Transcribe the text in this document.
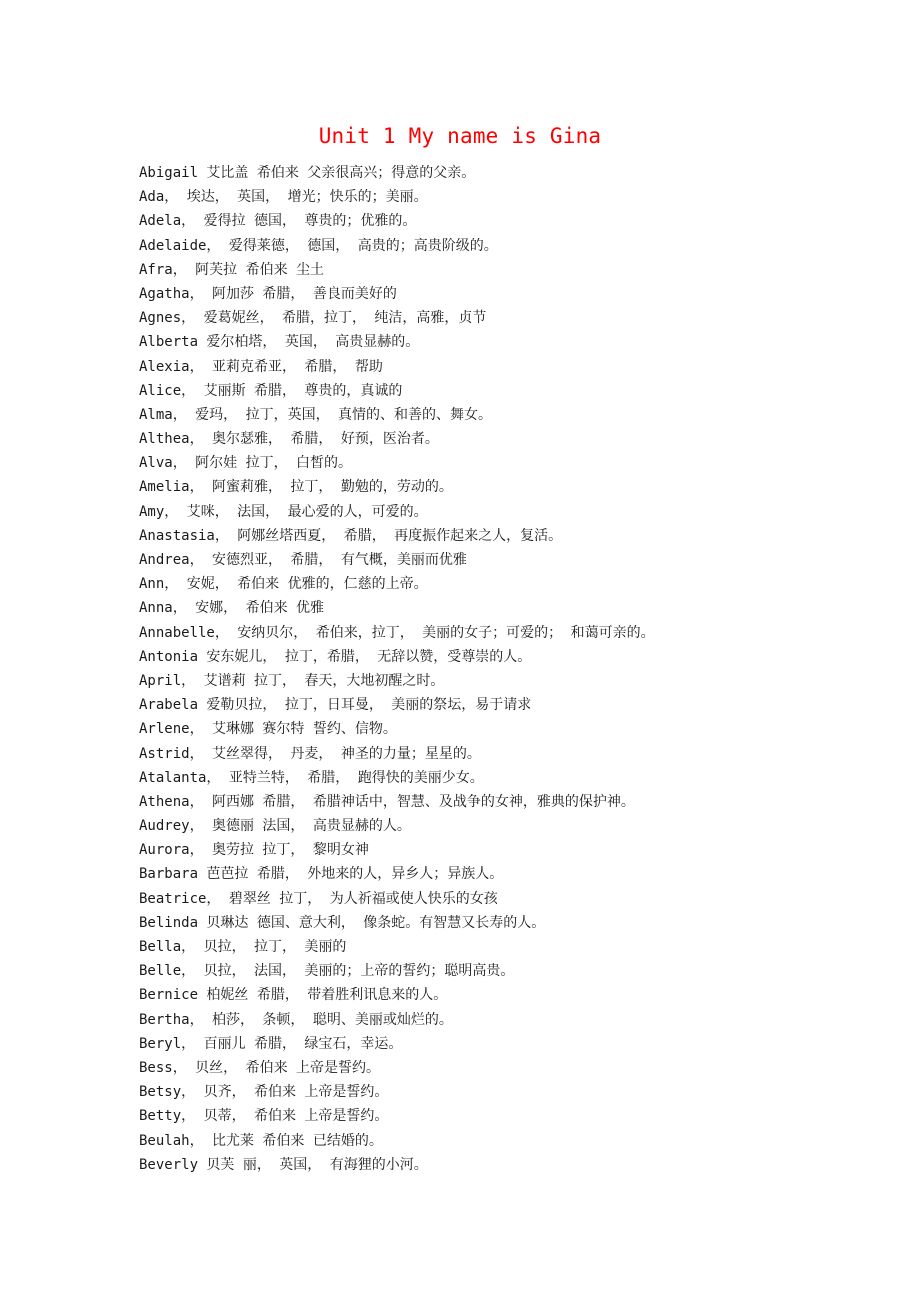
Unit 1 My name is Gina
Abigail 艾比盖 希伯来 父亲很高兴；得意的父亲。
Ada， 埃达， 英国， 增光；快乐的；美丽。
Adela， 爱得拉 德国， 尊贵的；优雅的。
Adelaide， 爱得莱德， 德国， 高贵的；高贵阶级的。
Afra， 阿芙拉 希伯来 尘土
Agatha， 阿加莎 希腊， 善良而美好的
Agnes， 爱葛妮丝， 希腊，拉丁， 纯洁，高雅，贞节
Alberta 爱尔柏塔， 英国， 高贵显赫的。
Alexia， 亚莉克希亚， 希腊， 帮助
Alice， 艾丽斯 希腊， 尊贵的，真诚的
Alma， 爱玛， 拉丁，英国， 真情的、和善的、舞女。
Althea， 奥尔瑟雅， 希腊， 好预，医治者。
Alva， 阿尔娃 拉丁， 白皙的。
Amelia， 阿蜜莉雅， 拉丁， 勤勉的，劳动的。
Amy， 艾咪， 法国， 最心爱的人，可爱的。
Anastasia， 阿娜丝塔西夏， 希腊， 再度振作起来之人，复活。
Andrea， 安德烈亚， 希腊， 有气概，美丽而优雅
Ann， 安妮， 希伯来 优雅的，仁慈的上帝。
Anna， 安娜， 希伯来 优雅
Annabelle， 安纳贝尔， 希伯来，拉丁， 美丽的女子；可爱的； 和蔼可亲的。
Antonia 安东妮儿， 拉丁，希腊， 无辞以赞，受尊崇的人。
April， 艾谱莉 拉丁， 春天，大地初醒之时。
Arabela 爱勒贝拉， 拉丁，日耳曼， 美丽的祭坛，易于请求
Arlene， 艾琳娜 赛尔特 誓约、信物。
Astrid， 艾丝翠得， 丹麦， 神圣的力量；星星的。
Atalanta， 亚特兰特， 希腊， 跑得快的美丽少女。
Athena， 阿西娜 希腊， 希腊神话中，智慧、及战争的女神，雅典的保护神。
Audrey， 奥德丽 法国， 高贵显赫的人。
Aurora， 奥劳拉 拉丁， 黎明女神
Barbara 芭芭拉 希腊， 外地来的人，异乡人；异族人。
Beatrice， 碧翠丝 拉丁， 为人祈福或使人快乐的女孩
Belinda 贝琳达 德国、意大利， 像条蛇。有智慧又长寿的人。
Bella， 贝拉， 拉丁， 美丽的
Belle， 贝拉， 法国， 美丽的；上帝的誓约；聪明高贵。
Bernice 柏妮丝 希腊， 带着胜利讯息来的人。
Bertha， 柏莎， 条顿， 聪明、美丽或灿烂的。
Beryl， 百丽儿 希腊， 绿宝石，幸运。
Bess， 贝丝， 希伯来 上帝是誓约。
Betsy， 贝齐， 希伯来 上帝是誓约。
Betty， 贝蒂， 希伯来 上帝是誓约。
Beulah， 比尤莱 希伯来 已结婚的。
Beverly 贝芙 丽， 英国， 有海狸的小河。
